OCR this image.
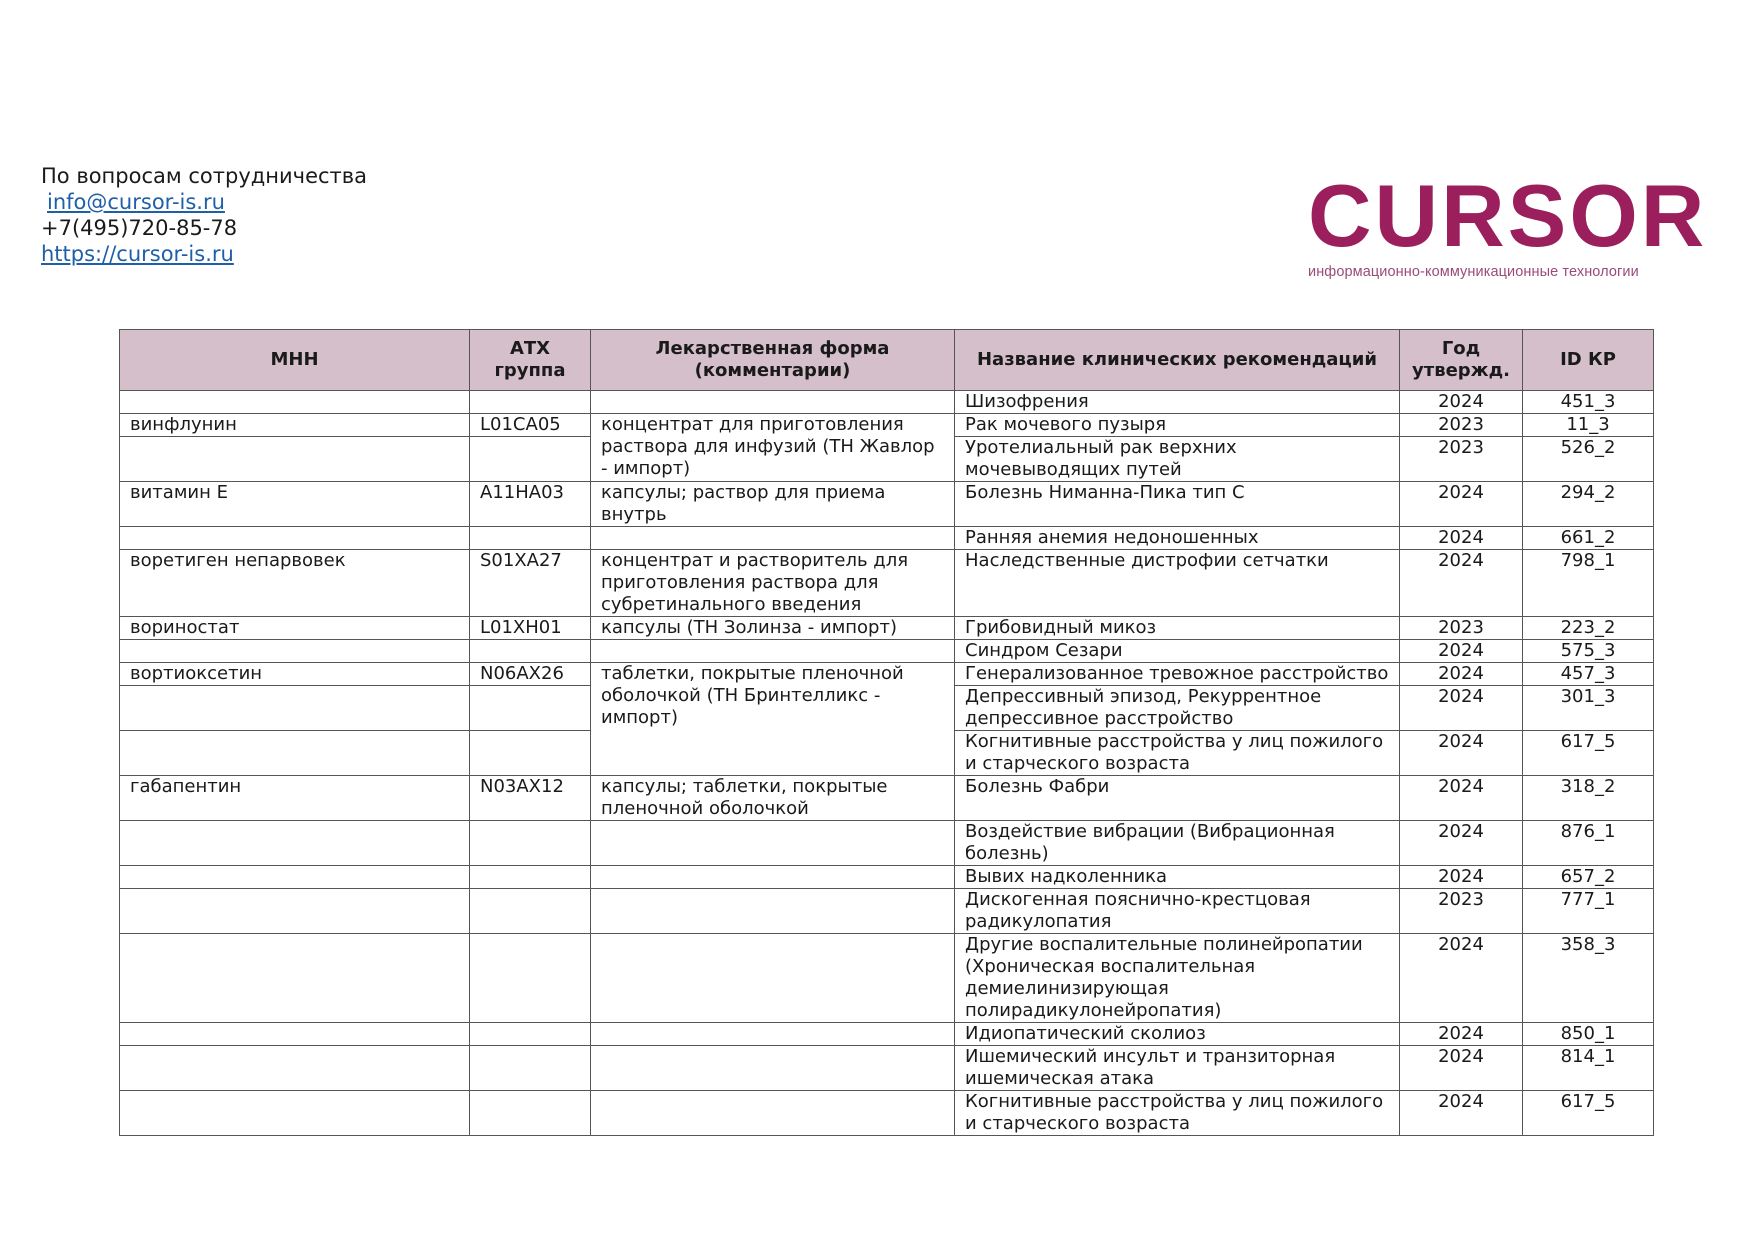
По вопросам сотрудничества
info@cursor-is.ru
+7(495)720-85-78
https://cursor-is.ru	CURSOR
информационно-коммуникационные технологии
МНН	АТХ группа	Лекарственная форма (комментарии)	Название клинических рекомендаций	Год утвержд.	ID КР
			Шизофрения	2024	451_3
винфлунин	L01CA05	концентрат для приготовления раствора для инфузий (ТН Жавлор - импорт)	Рак мочевого пузыря	2023	11_3
			Уротелиальный рак верхних мочевыводящих путей	2023	526_2
витамин Е	A11HA03	капсулы; раствор для приема внутрь	Болезнь Ниманна-Пика тип С	2024	294_2
			Ранняя анемия недоношенных	2024	661_2
воретиген непарвовек	S01XA27	концентрат и растворитель для приготовления раствора для субретинального введения	Наследственные дистрофии сетчатки	2024	798_1
вориностат	L01XH01	капсулы (ТН Золинза - импорт)	Грибовидный микоз	2023	223_2
			Синдром Сезари	2024	575_3
вортиоксетин	N06AX26	таблетки, покрытые пленочной оболочкой (ТН Бринтелликс - импорт)	Генерализованное тревожное расстройство	2024	457_3
			Депрессивный эпизод, Рекуррентное депрессивное расстройство	2024	301_3
			Когнитивные расстройства у лиц пожилого и старческого возраста	2024	617_5
габапентин	N03AX12	капсулы; таблетки, покрытые пленочной оболочкой	Болезнь Фабри	2024	318_2
			Воздействие вибрации (Вибрационная болезнь)	2024	876_1
			Вывих надколенника	2024	657_2
			Дискогенная пояснично-крестцовая радикулопатия	2023	777_1
			Другие воспалительные полинейропатии (Хроническая воспалительная демиелинизирующая полирадикулонейропатия)	2024	358_3
			Идиопатический сколиоз	2024	850_1
			Ишемический инсульт и транзиторная ишемическая атака	2024	814_1
			Когнитивные расстройства у лиц пожилого и старческого возраста	2024	617_5
